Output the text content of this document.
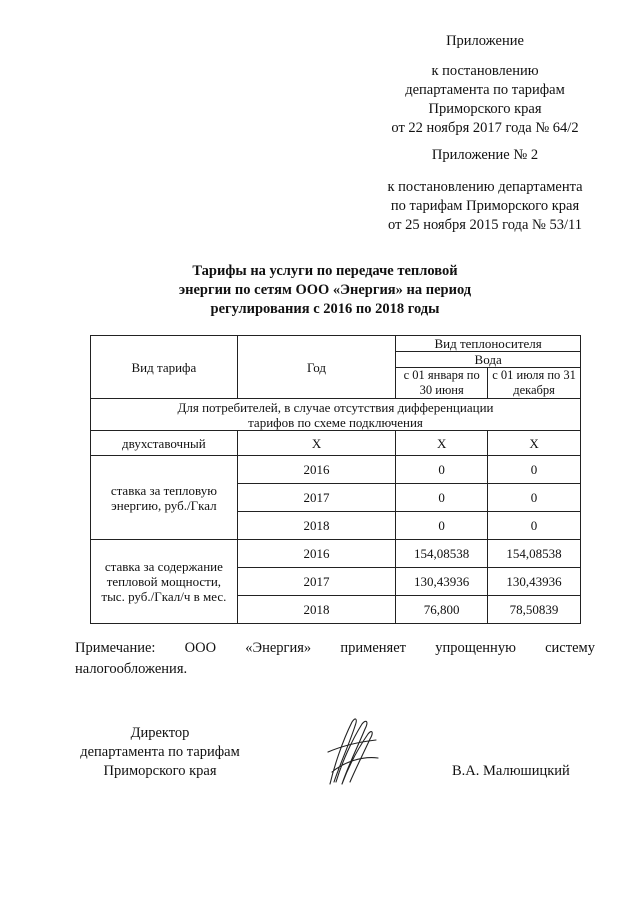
Приложение
к постановлению
департамента по тарифам
Приморского края
от 22 ноября 2017 года № 64/2
Приложение № 2
к постановлению департамента
по тарифам Приморского края
от 25 ноября 2015 года № 53/11
Тарифы на услуги по передаче тепловой
энергии по сетям ООО «Энергия» на период
регулирования с 2016 по 2018 годы
Вид тарифа	Год	Вид теплоносителя	
		Вода	
		с 01 января по 30 июня	с 01 июля по 31 декабря
Для потребителей, в случае отсутствия дифференциации тарифов по схеме подключения			
двухставочный	X	X	X
ставка за тепловую энергию, руб./Гкал	2016	0	0
	2017	0	0
	2018	0	0
ставка за содержание тепловой мощности, тыс. руб./Гкал/ч в мес.	2016	154,08538	154,08538
	2017	130,43936	130,43936
	2018	76,800	78,50839
Примечание: ООО «Энергия» применяет упрощенную систему
налогообложения.
Директор
департамента по тарифам
Приморского края	В.А. Малюшицкий
